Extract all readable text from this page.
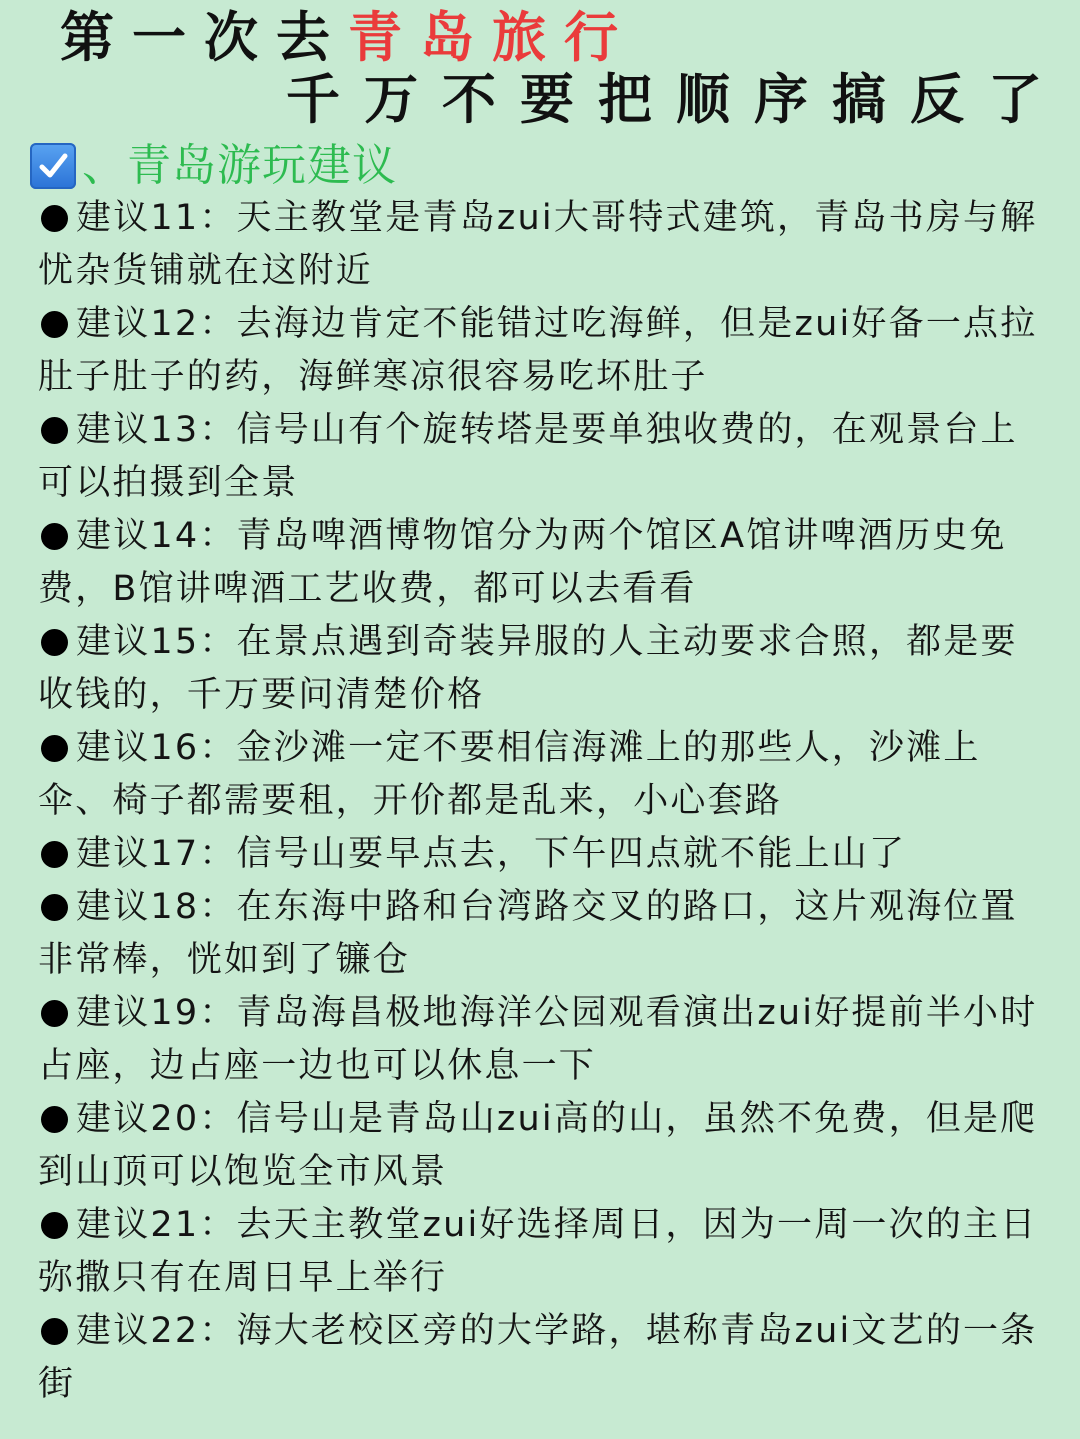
第一次去青岛旅行
千万不要把顺序搞反了
、青岛游玩建议
建议11：天主教堂是青岛zui大哥特式建筑，青岛书房与解忧杂货铺就在这附近
建议12：去海边肯定不能错过吃海鲜，但是zui好备一点拉肚子肚子的药，海鲜寒凉很容易吃坏肚子
建议13：信号山有个旋转塔是要单独收费的，在观景台上可以拍摄到全景
建议14：青岛啤酒博物馆分为两个馆区A馆讲啤酒历史免费，B馆讲啤酒工艺收费，都可以去看看
建议15：在景点遇到奇装异服的人主动要求合照，都是要收钱的，千万要问清楚价格
建议16：金沙滩一定不要相信海滩上的那些人，沙滩上伞、椅子都需要租，开价都是乱来，小心套路
建议17：信号山要早点去，下午四点就不能上山了
建议18：在东海中路和台湾路交叉的路口，这片观海位置非常棒，恍如到了镰仓
建议19：青岛海昌极地海洋公园观看演出zui好提前半小时占座，边占座一边也可以休息一下
建议20：信号山是青岛山zui高的山，虽然不免费，但是爬到山顶可以饱览全市风景
建议21：去天主教堂zui好选择周日，因为一周一次的主日弥撒只有在周日早上举行
建议22：海大老校区旁的大学路，堪称青岛zui文艺的一条街
